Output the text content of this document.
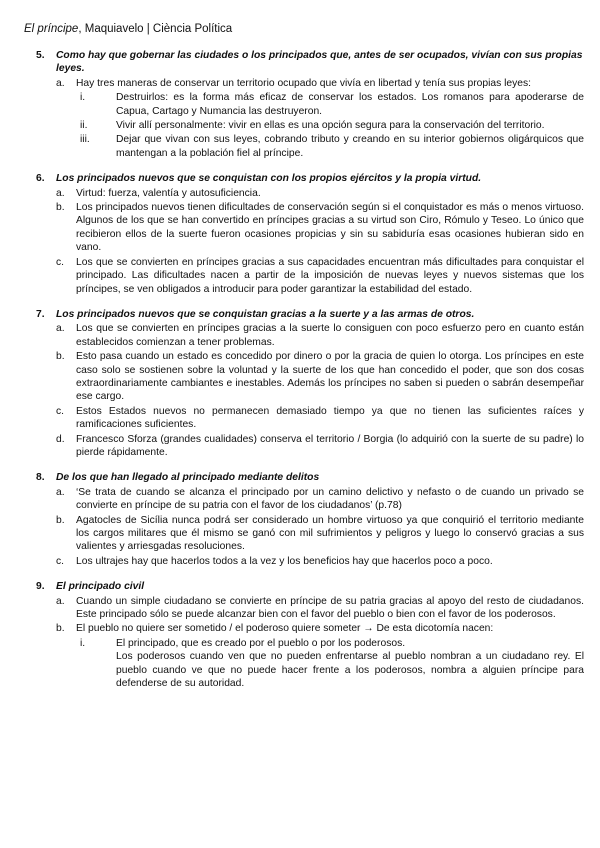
El príncipe, Maquiavelo | Ciència Política
5.	Como hay que gobernar las ciudades o los principados que, antes de ser ocupados, vivían con sus propias leyes.
a.	Hay tres maneras de conservar un territorio ocupado que vivía en libertad y tenía sus propias leyes:
i.	Destruirlos: es la forma más eficaz de conservar los estados. Los romanos para apoderarse de Capua, Cartago y Numancia las destruyeron.
ii.	Vivir allí personalmente: vivir en ellas es una opción segura para la conservación del territorio.
iii.	Dejar que vivan con sus leyes, cobrando tributo y creando en su interior gobiernos oligárquicos que mantengan a la población fiel al príncipe.
6.	Los principados nuevos que se conquistan con los propios ejércitos y la propia virtud.
a.	Virtud: fuerza, valentía y autosuficiencia.
b.	Los principados nuevos tienen dificultades de conservación según si el conquistador es más o menos virtuoso. Algunos de los que se han convertido en príncipes gracias a su virtud son Ciro, Rómulo y Teseo. Lo único que recibieron ellos de la suerte fueron ocasiones propicias y sin su sabiduría esas ocasiones hubieran sido en vano.
c.	Los que se convierten en príncipes gracias a sus capacidades encuentran más dificultades para conquistar el principado. Las dificultades nacen a partir de la imposición de nuevas leyes y nuevos sistemas que los príncipes, se ven obligados a introducir para poder garantizar la estabilidad del estado.
7.	Los principados nuevos que se conquistan gracias a la suerte y a las armas de otros.
a.	Los que se convierten en príncipes gracias a la suerte lo consiguen con poco esfuerzo pero en cuanto están establecidos comienzan a tener problemas.
b.	Esto pasa cuando un estado es concedido por dinero o por la gracia de quien lo otorga. Los príncipes en este caso solo se sostienen sobre la voluntad y la suerte de los que han concedido el poder, que son dos cosas extraordinariamente cambiantes e inestables. Además los príncipes no saben si pueden o sabrán desempeñar ese cargo.
c.	Estos Estados nuevos no permanecen demasiado tiempo ya que no tienen las suficientes raíces y ramificaciones suficientes.
d.	Francesco Sforza (grandes cualidades) conserva el territorio / Borgia (lo adquirió con la suerte de su padre) lo pierde rápidamente.
8.	De los que han llegado al principado mediante delitos
a.	‘Se trata de cuando se alcanza el principado por un camino delictivo y nefasto o de cuando un privado se convierte en príncipe de su patria con el favor de los ciudadanos’ (p.78)
b.	Agatocles de Sicília nunca podrá ser considerado un hombre virtuoso ya que conquirió el territorio mediante los cargos militares que él mismo se ganó con mil sufrimientos y peligros y luego lo conservó gracias a sus valientes y arriesgadas resoluciones.
c.	Los ultrajes hay que hacerlos todos a la vez y los beneficios hay que hacerlos poco a poco.
9.	El principado civil
a.	Cuando un simple ciudadano se convierte en príncipe de su patria gracias al apoyo del resto de ciudadanos. Este principado sólo se puede alcanzar bien con el favor del pueblo o bien con el favor de los poderosos.
b.	El pueblo no quiere ser sometido / el poderoso quiere someter → De esta dicotomía nacen:
i.	El principado, que es creado por el pueblo o por los poderosos.
Los poderosos cuando ven que no pueden enfrentarse al pueblo nombran a un ciudadano rey. El pueblo cuando ve que no puede hacer frente a los poderosos, nombra a alguien príncipe para defenderse de su autoridad.
